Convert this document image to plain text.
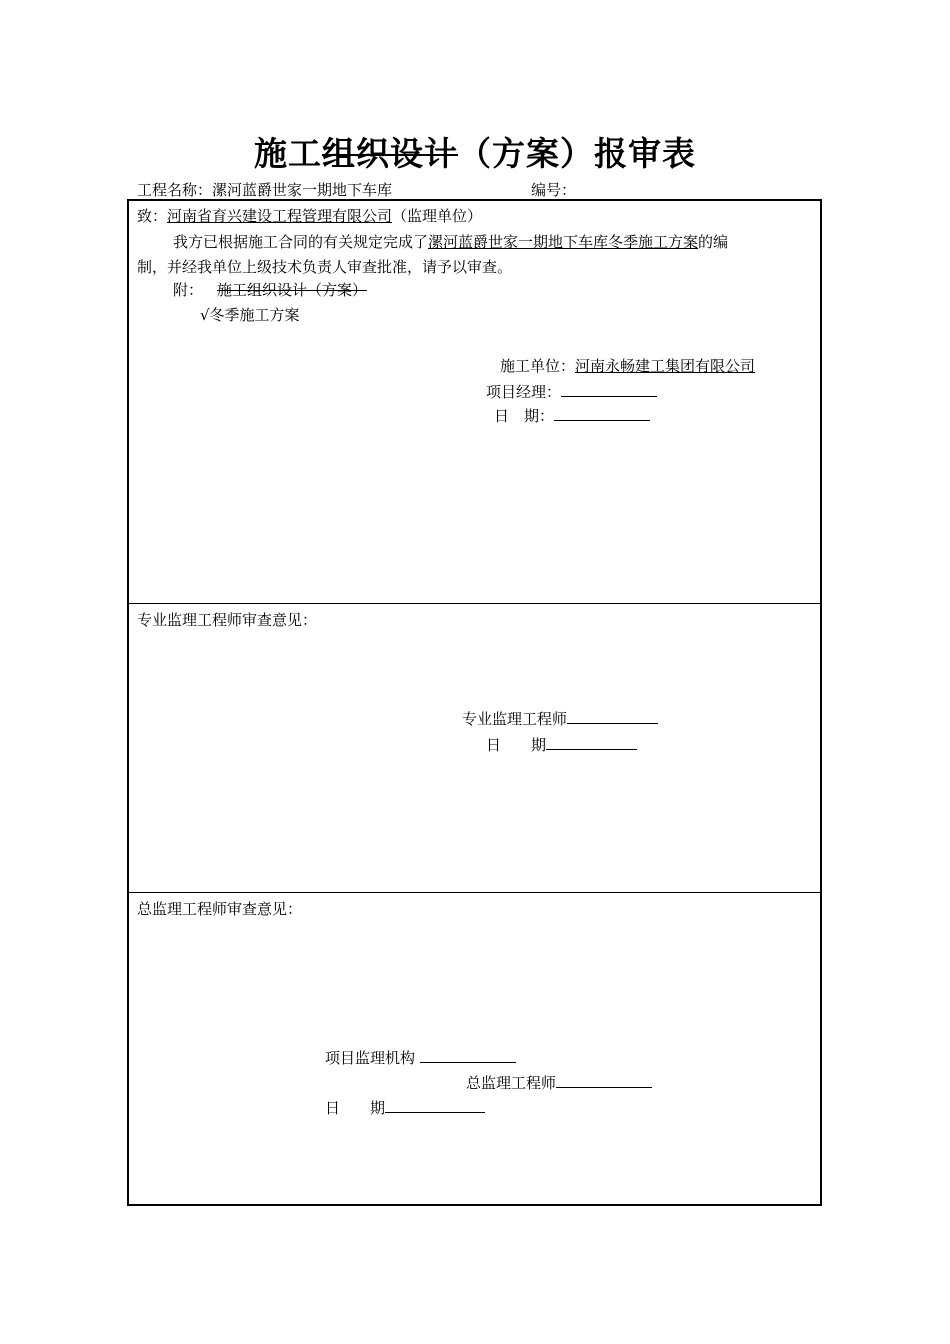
施工组织设计（方案）报审表
工程名称：漯河蓝爵世家一期地下车库	编号：
致：河南省育兴建设工程管理有限公司（监理单位）
我方已根据施工合同的有关规定完成了漯河蓝爵世家一期地下车库冬季施工方案的编
制，并经我单位上级技术负责人审查批准，请予以审查。
附： 施工组织设计（方案）
√冬季施工方案
施工单位：河南永畅建工集团有限公司
项目经理：
日　期：
专业监理工程师审查意见：
专业监理工程师
日　　期
总监理工程师审查意见：
项目监理机构
总监理工程师
日　　期
